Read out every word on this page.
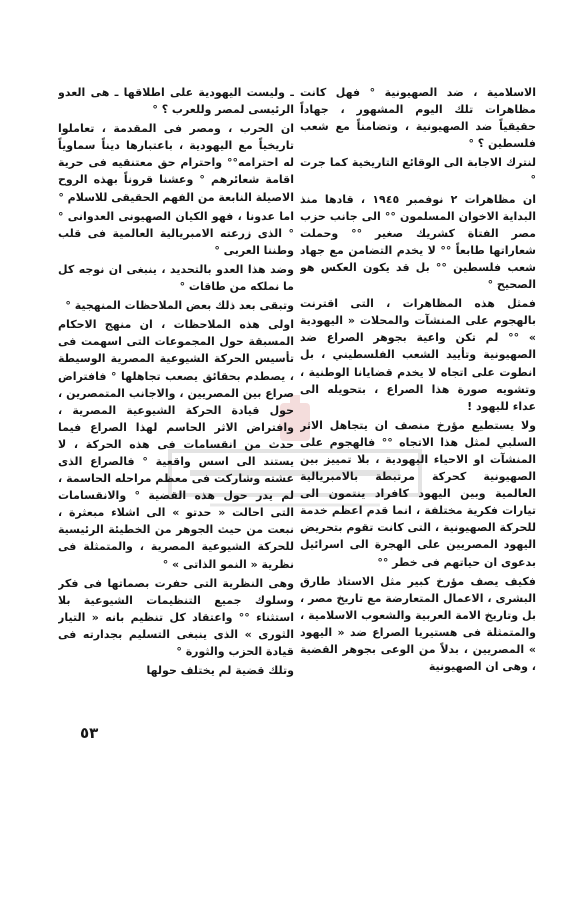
الاسلامية ، ضد الصهيونية ° فهل كانت مظاهرات تلك اليوم المشهور ، جهاداً حقيقياً ضد الصهيونية ، وتضامناً مع شعب فلسطين ؟ °

لنترك الاجابة الى الوقائع التاريخية كما جرت °

ان مظاهرات ٢ نوفمبر ١٩٤٥ ، قادها منذ البداية الاخوان المسلمون °° الى جانب حزب مصر الفتاة كشريك صغير °° وحملت شعاراتها طابعاً °° لا يخدم التضامن مع جهاد شعب فلسطين °° بل قد يكون العكس هو الصحيح °

فمثل هذه المظاهرات ، التى اقترنت بالهجوم على المنشآت والمحلات « اليهودية » °° لم تكن واعية بجوهر الصراع ضد الصهيونية وتأييد الشعب الفلسطيني ، بل انطوت على اتجاه لا يخدم قضايانا الوطنية ، وتشويه صورة هذا الصراع ، بتحويله الى عداء لليهود !

ولا يستطيع مؤرخ منصف ان يتجاهل الاثر السلبي لمثل هذا الاتجاه °° فالهجوم على المنشآت او الاحياء اليهودية ، بلا تمييز بين الصهيونية كحركة مرتبطة بالامبريالية العالمية وبين اليهود كافراد ينتمون الى تيارات فكرية مختلفة ، انما قدم اعظم خدمة للحركة الصهيونية ، التى كانت تقوم بتحريض اليهود المصريين على الهجرة الى اسرائيل بدعوى ان حياتهم فى خطر °°

فكيف يصف مؤرخ كبير مثل الاستاذ طارق البشرى ، الاعمال المتعارضة مع تاريخ مصر ، بل وتاريخ الامة العربية والشعوب الاسلامية ، والمتمثلة فى هستيريا الصراع ضد « اليهود » المصريين ، بدلاً من الوعى بجوهر القضية ، وهى ان الصهيونية

ـ وليست اليهودية على اطلاقها ـ هى العدو الرئيسى لمصر وللعرب ؟ °

ان الحرب ، ومصر فى المقدمة ، تعاملوا تاريخياً مع اليهودية ، باعتبارها ديناً سماوياً له احترامه°° واحترام حق معتنقيه فى حرية اقامة شعائرهم ° وعشنا قروناً بهذه الروح الاصيلة النابعة من الفهم الحقيقى للاسلام °

اما عدونا ، فهو الكيان الصهيونى العدوانى °° الذى زرعته الامبريالية العالمية فى قلب وطننا العربى °

وضد هذا العدو بالتحديد ، ينبغى ان نوجه كل ما نملكه من طاقات °

وتبقى بعد ذلك بعض الملاحظات المنهجية °

اولى هذه الملاحظات ، ان منهج الاحكام المسبقة حول المجموعات التى اسهمت فى تأسيس الحركة الشيوعية المصرية الوسيطة ، يصطدم بحقائق يصعب تجاهلها ° فافتراض صراع بين المصريين ، والاجانب المتمصرين ، حول قيادة الحركة الشيوعية المصرية ، وافتراض الاثر الحاسم لهذا الصراع فيما حدث من انقسامات فى هذه الحركة ، لا يستند الى اسس واقعية ° فالصراع الذى عشته وشاركت فى معظم مراحله الحاسمة ، لم يدر حول هذه القضية ° والانقسامات التى احالت « حدتو » الى اشلاء مبعثرة ، نبعت من حيث الجوهر من الخطيئة الرئيسية للحركة الشيوعية المصرية ، والمتمثلة فى نظرية « النمو الذاتى » °

وهى النظرية التى حفرت بصماتها فى فكر وسلوك جميع التنظيمات الشيوعية بلا استثناء °° واعتقاد كل تنظيم بانه « التيار الثورى » الذى ينبغى التسليم بجدارته فى قيادة الحزب والثورة °

وتلك قضية لم يختلف حولها

٥٣
